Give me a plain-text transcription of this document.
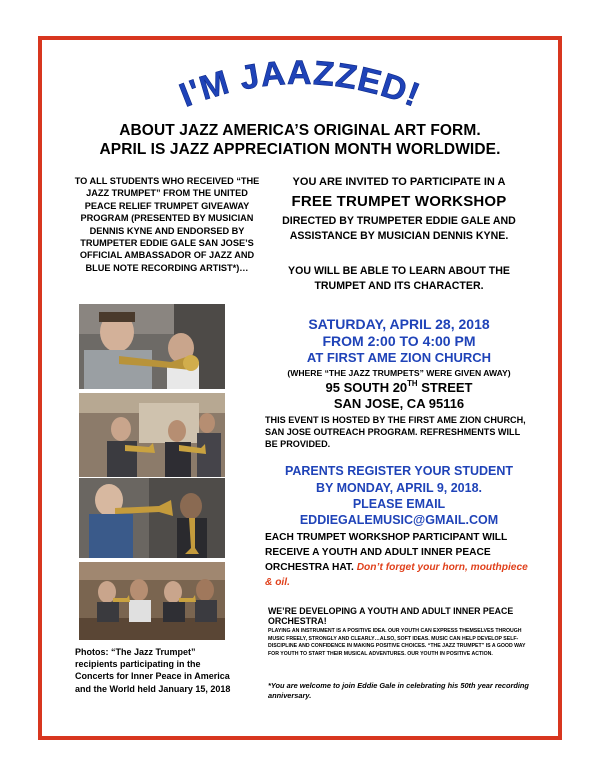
I'M JAAZZED!
ABOUT JAZZ AMERICA’S ORIGINAL ART FORM.
APRIL IS JAZZ APPRECIATION MONTH WORLDWIDE.
TO ALL STUDENTS WHO RECEIVED “THE JAZZ TRUMPET” FROM THE UNITED PEACE RELIEF TRUMPET GIVEAWAY PROGRAM (PRESENTED BY MUSICIAN DENNIS KYNE AND ENDORSED BY TRUMPETER EDDIE GALE SAN JOSE’S OFFICIAL AMBASSADOR OF JAZZ AND BLUE NOTE RECORDING ARTIST*)…
Photos: “The Jazz Trumpet” recipients participating in the Concerts for Inner Peace in America and the World held January 15, 2018
YOU ARE INVITED TO PARTICIPATE IN A
FREE TRUMPET WORKSHOP
DIRECTED BY TRUMPETER EDDIE GALE AND ASSISTANCE BY MUSICIAN DENNIS KYNE.
YOU WILL BE ABLE TO LEARN ABOUT THE TRUMPET AND ITS CHARACTER.
SATURDAY, APRIL 28, 2018
FROM 2:00 TO 4:00 PM
AT FIRST AME ZION CHURCH
(WHERE “THE JAZZ TRUMPETS” WERE GIVEN AWAY)
95 SOUTH 20TH STREET
SAN JOSE, CA 95116
THIS EVENT IS HOSTED BY THE FIRST AME ZION CHURCH, SAN JOSE OUTREACH PROGRAM. REFRESHMENTS WILL BE PROVIDED.
PARENTS REGISTER YOUR STUDENT
BY MONDAY, APRIL 9, 2018.
PLEASE EMAIL
EDDIEGALEMUSIC@GMAIL.COM
EACH TRUMPET WORKSHOP PARTICIPANT WILL RECEIVE A YOUTH AND ADULT INNER PEACE ORCHESTRA HAT. Don’t forget your horn, mouthpiece & oil.
WE’RE DEVELOPING A YOUTH AND ADULT INNER PEACE ORCHESTRA!
PLAYING AN INSTRUMENT IS A POSITIVE IDEA. OUR YOUTH CAN EXPRESS THEMSELVES THROUGH MUSIC FREELY, STRONGLY AND CLEARLY…ALSO, SOFT IDEAS. MUSIC CAN HELP DEVELOP SELF-DISCIPLINE AND CONFIDENCE IN MAKING POSITIVE CHOICES. “THE JAZZ TRUMPET” IS A GOOD WAY FOR YOUTH TO START THEIR MUSICAL ADVENTURES. OUR YOUTH IN POSITIVE ACTION.
*You are welcome to join Eddie Gale in celebrating his 50th year recording anniversary.
